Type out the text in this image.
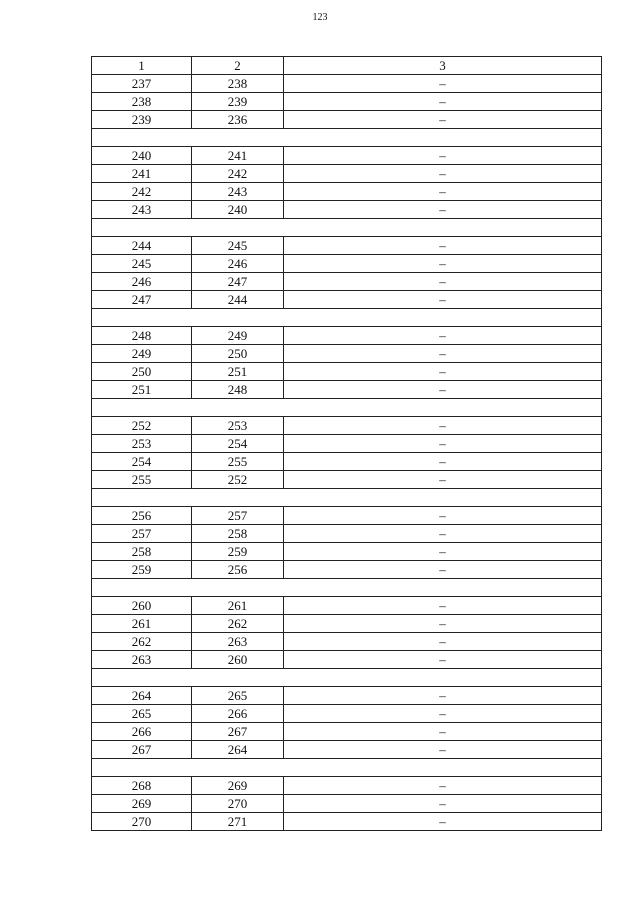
123
1	2	3
237	238	–
238	239	–
239	236	–

240	241	–
241	242	–
242	243	–
243	240	–

244	245	–
245	246	–
246	247	–
247	244	–

248	249	–
249	250	–
250	251	–
251	248	–

252	253	–
253	254	–
254	255	–
255	252	–

256	257	–
257	258	–
258	259	–
259	256	–

260	261	–
261	262	–
262	263	–
263	260	–

264	265	–
265	266	–
266	267	–
267	264	–

268	269	–
269	270	–
270	271	–
